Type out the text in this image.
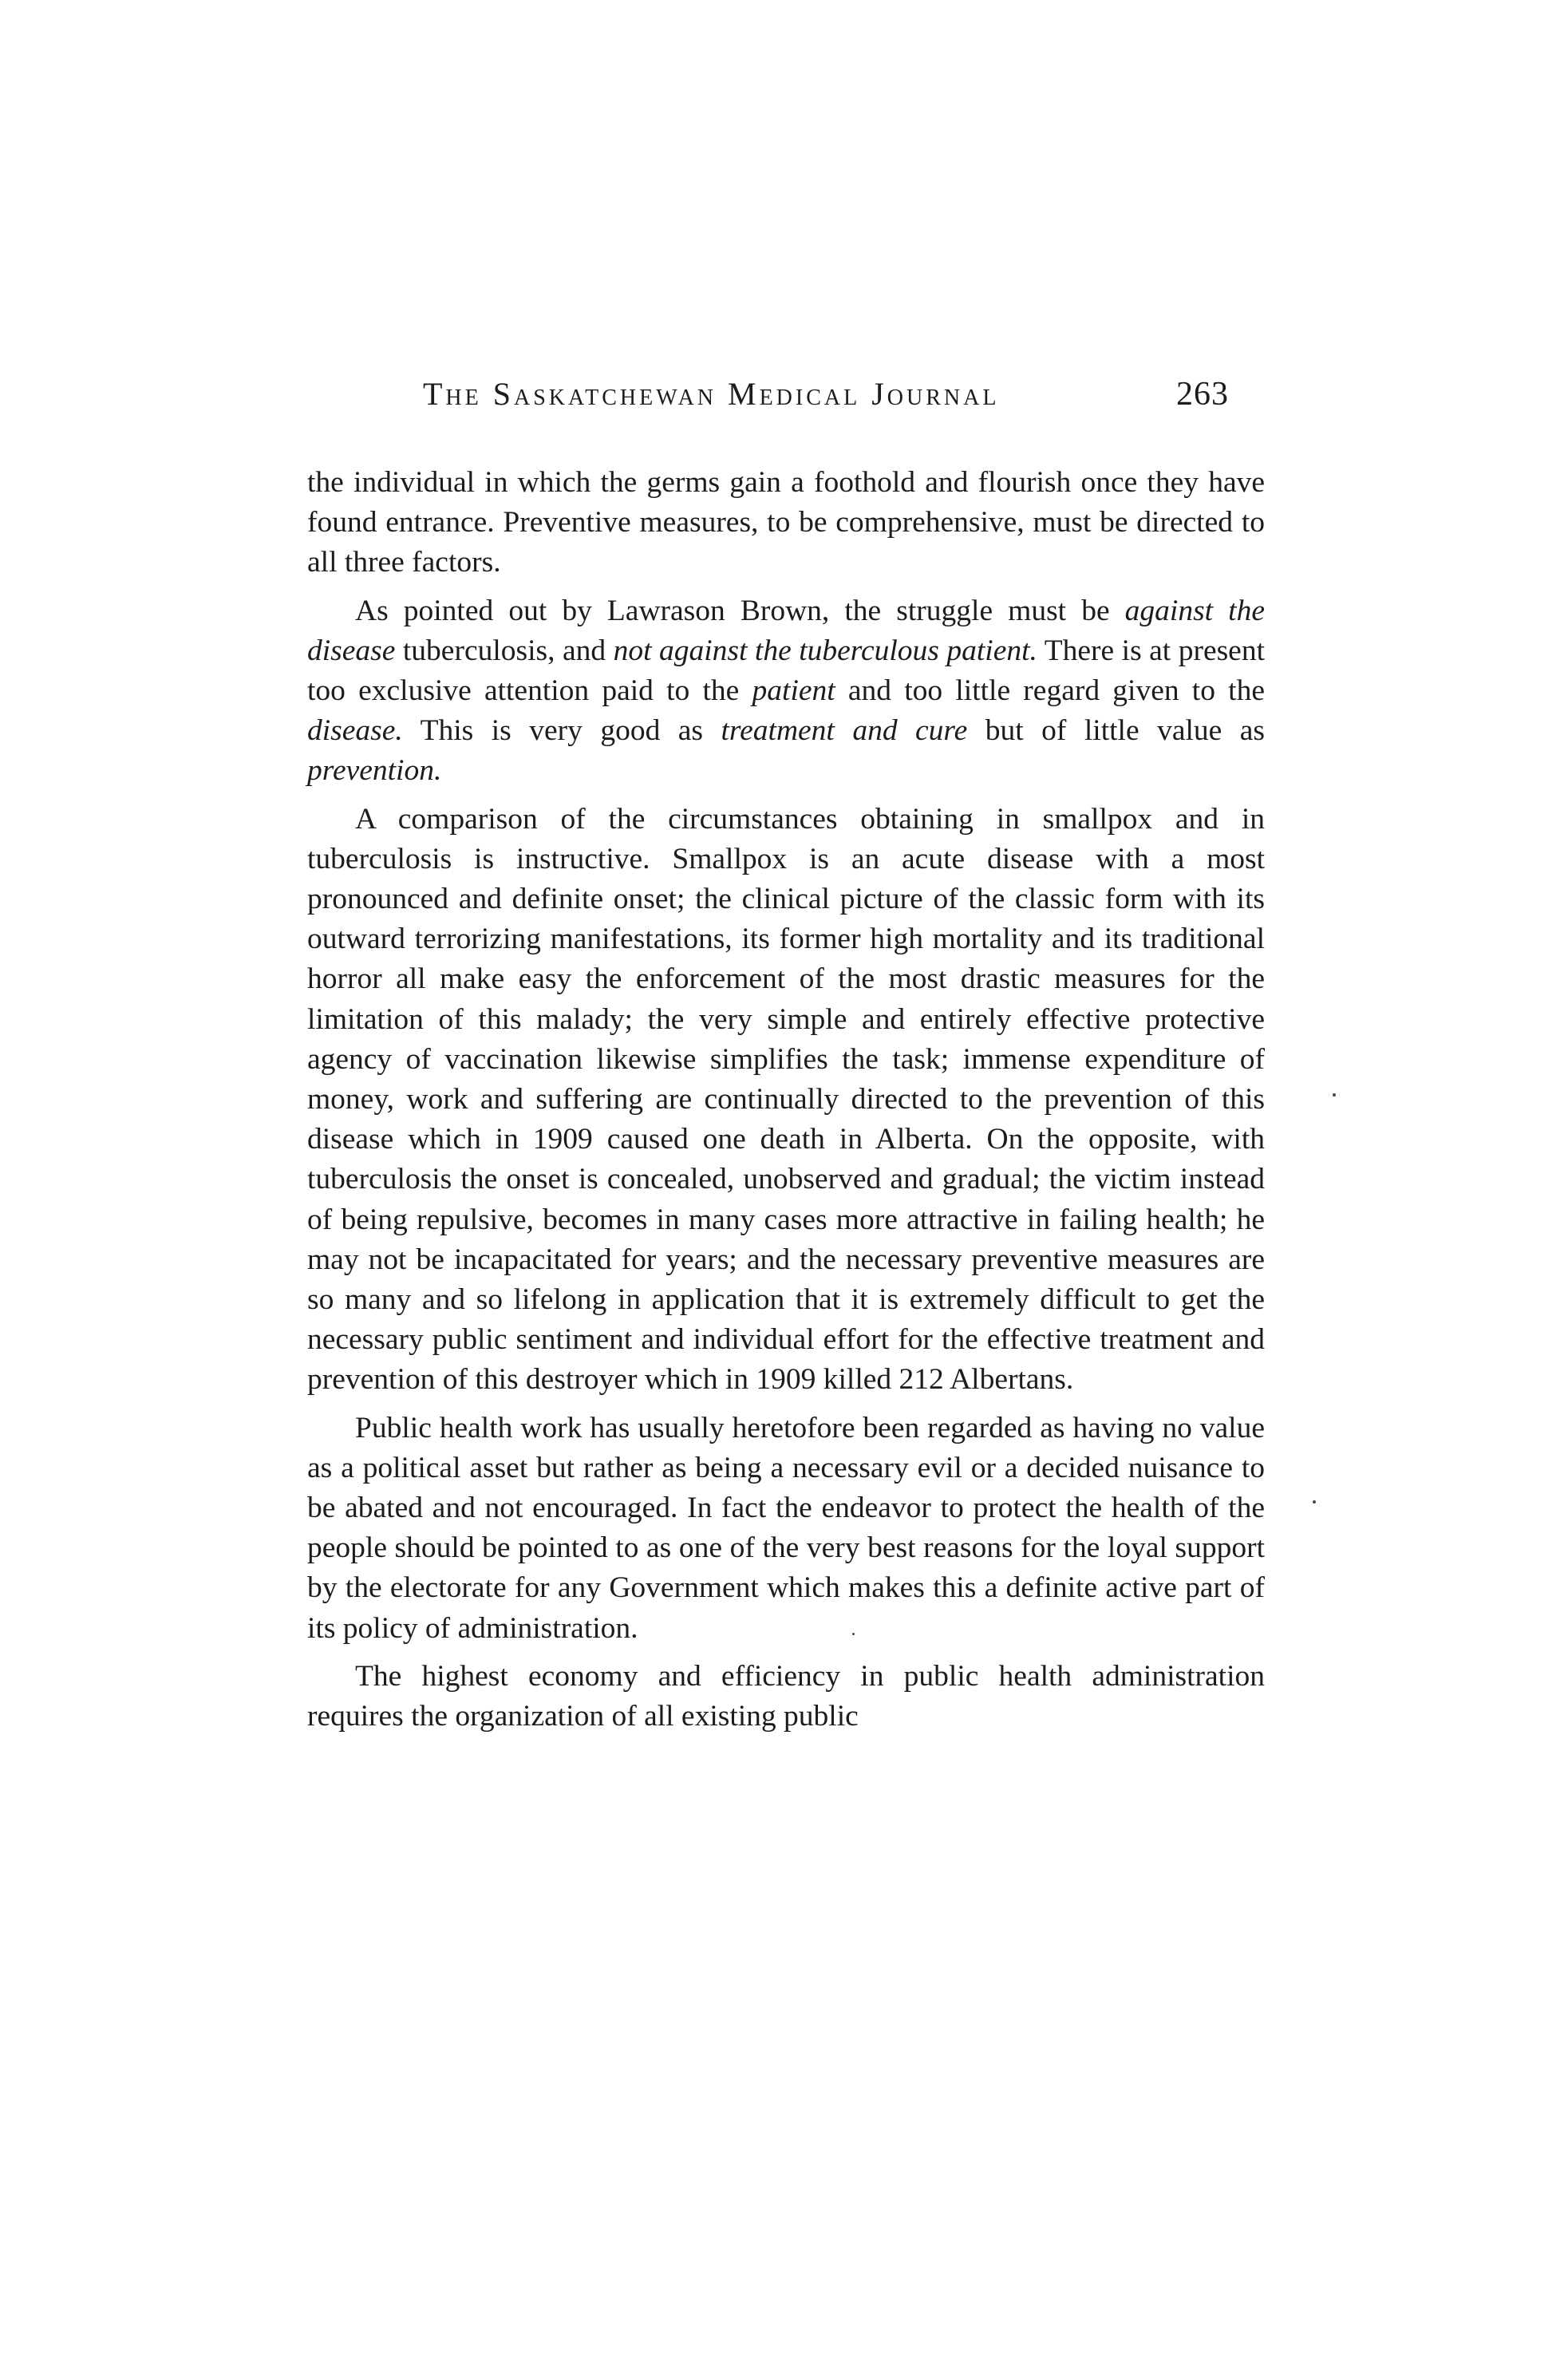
The Saskatchewan Medical Journal	263

the individual in which the germs gain a foothold and flourish once they have found entrance. Preventive measures, to be comprehensive, must be directed to all three factors.

As pointed out by Lawrason Brown, the struggle must be against the disease tuberculosis, and not against the tuberculous patient. There is at present too exclusive attention paid to the patient and too little regard given to the disease. This is very good as treatment and cure but of little value as prevention.

A comparison of the circumstances obtaining in smallpox and in tuberculosis is instructive. Smallpox is an acute disease with a most pronounced and definite onset; the clinical picture of the classic form with its outward terrorizing manifestations, its former high mortality and its traditional horror all make easy the enforcement of the most drastic measures for the limitation of this malady; the very simple and entirely effective protective agency of vaccination likewise simplifies the task; immense expenditure of money, work and suffering are continually directed to the prevention of this disease which in 1909 caused one death in Alberta. On the opposite, with tuberculosis the onset is concealed, unobserved and gradual; the victim instead of being repulsive, becomes in many cases more attractive in failing health; he may not be incapacitated for years; and the necessary preventive measures are so many and so lifelong in application that it is extremely difficult to get the necessary public sentiment and individual effort for the effective treatment and prevention of this destroyer which in 1909 killed 212 Albertans.

Public health work has usually heretofore been regarded as having no value as a political asset but rather as being a necessary evil or a decided nuisance to be abated and not encouraged. In fact the endeavor to protect the health of the people should be pointed to as one of the very best reasons for the loyal support by the electorate for any Government which makes this a definite active part of its policy of administration.

The highest economy and efficiency in public health administration requires the organization of all existing public
